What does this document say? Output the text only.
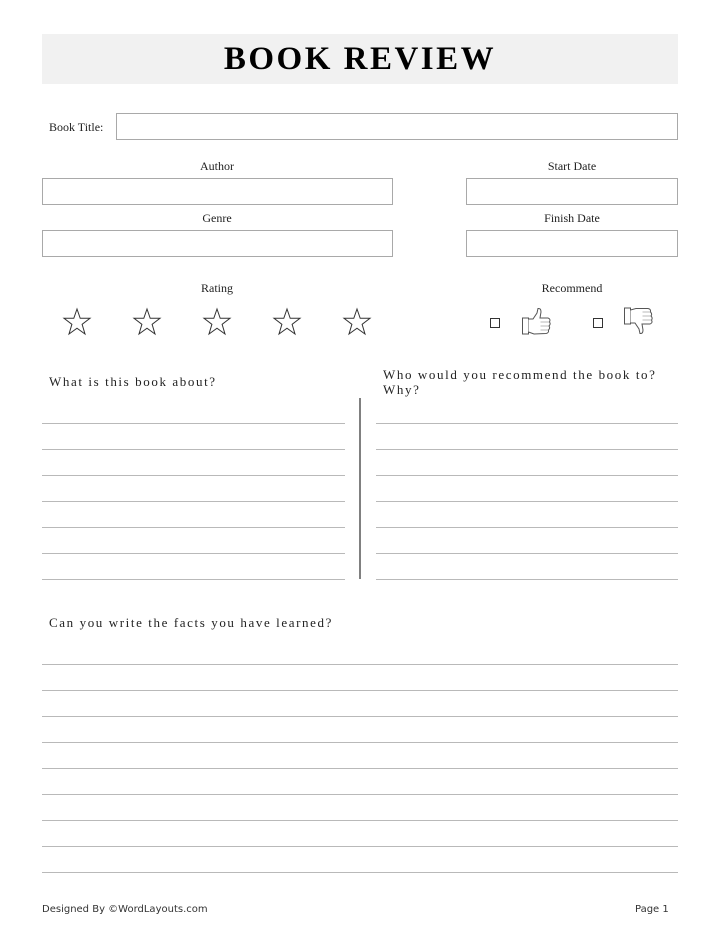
BOOK REVIEW
Book Title:
Author	Start Date
Genre	Finish Date
Rating	Recommend
What is this book about?	Who would you recommend the book to?
Why?
Can you write the facts you have learned?
Designed By ©WordLayouts.com	Page 1
